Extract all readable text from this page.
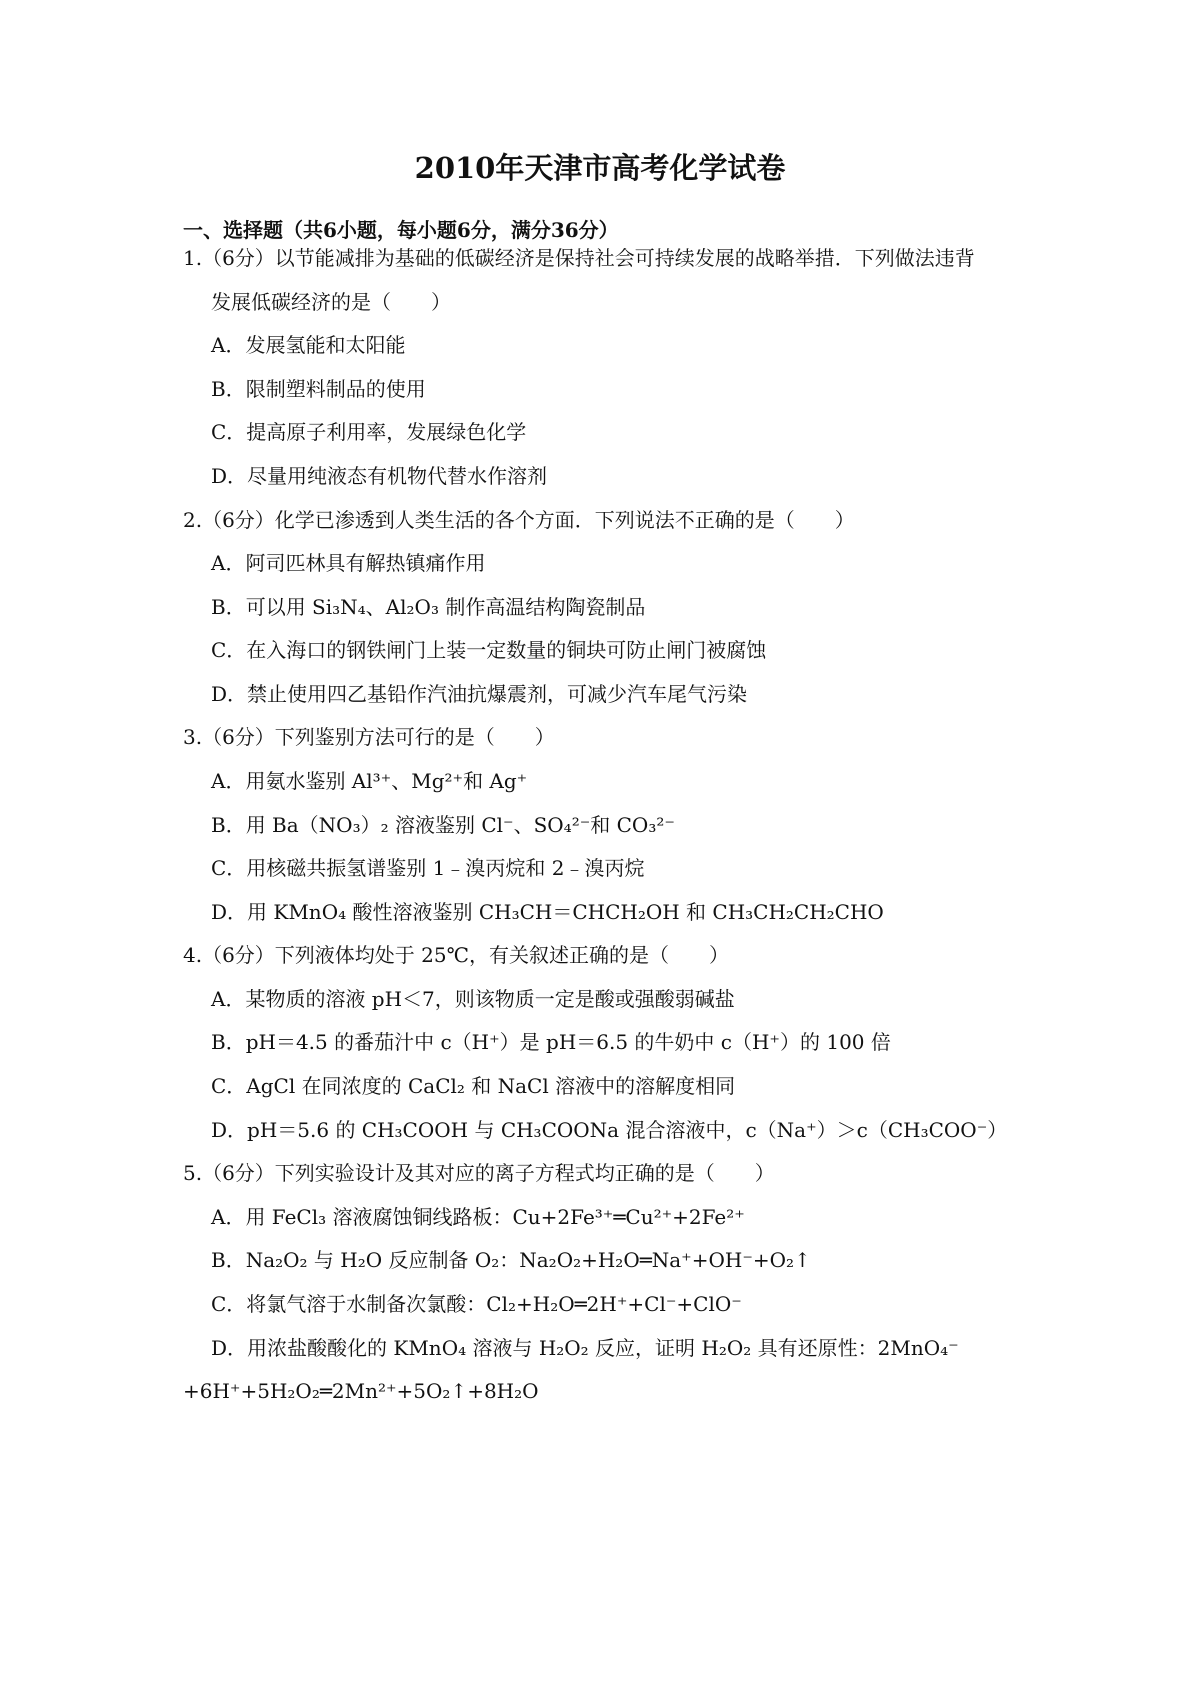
2010年天津市高考化学试卷
一、选择题（共6小题，每小题6分，满分36分）
1.（6分）以节能减排为基础的低碳经济是保持社会可持续发展的战略举措．下列做法违背
发展低碳经济的是（　　）
A．发展氢能和太阳能
B．限制塑料制品的使用
C．提高原子利用率，发展绿色化学
D．尽量用纯液态有机物代替水作溶剂
2.（6分）化学已渗透到人类生活的各个方面．下列说法不正确的是（　　）
A．阿司匹林具有解热镇痛作用
B．可以用 Si₃N₄、Al₂O₃ 制作高温结构陶瓷制品
C．在入海口的钢铁闸门上装一定数量的铜块可防止闸门被腐蚀
D．禁止使用四乙基铅作汽油抗爆震剂，可减少汽车尾气污染
3.（6分）下列鉴别方法可行的是（　　）
A．用氨水鉴别 Al³⁺、Mg²⁺和 Ag⁺
B．用 Ba（NO₃）₂ 溶液鉴别 Cl⁻、SO₄²⁻和 CO₃²⁻
C．用核磁共振氢谱鉴别 1﹣溴丙烷和 2﹣溴丙烷
D．用 KMnO₄ 酸性溶液鉴别 CH₃CH＝CHCH₂OH 和 CH₃CH₂CH₂CHO
4.（6分）下列液体均处于 25℃，有关叙述正确的是（　　）
A．某物质的溶液 pH＜7，则该物质一定是酸或强酸弱碱盐
B．pH＝4.5 的番茄汁中 c（H⁺）是 pH＝6.5 的牛奶中 c（H⁺）的 100 倍
C．AgCl 在同浓度的 CaCl₂ 和 NaCl 溶液中的溶解度相同
D．pH＝5.6 的 CH₃COOH 与 CH₃COONa 混合溶液中，c（Na⁺）＞c（CH₃COO⁻）
5.（6分）下列实验设计及其对应的离子方程式均正确的是（　　）
A．用 FeCl₃ 溶液腐蚀铜线路板：Cu+2Fe³⁺═Cu²⁺+2Fe²⁺
B．Na₂O₂ 与 H₂O 反应制备 O₂：Na₂O₂+H₂O═Na⁺+OH⁻+O₂↑
C．将氯气溶于水制备次氯酸：Cl₂+H₂O═2H⁺+Cl⁻+ClO⁻
D．用浓盐酸酸化的 KMnO₄ 溶液与 H₂O₂ 反应，证明 H₂O₂ 具有还原性：2MnO₄⁻
+6H⁺+5H₂O₂═2Mn²⁺+5O₂↑+8H₂O
